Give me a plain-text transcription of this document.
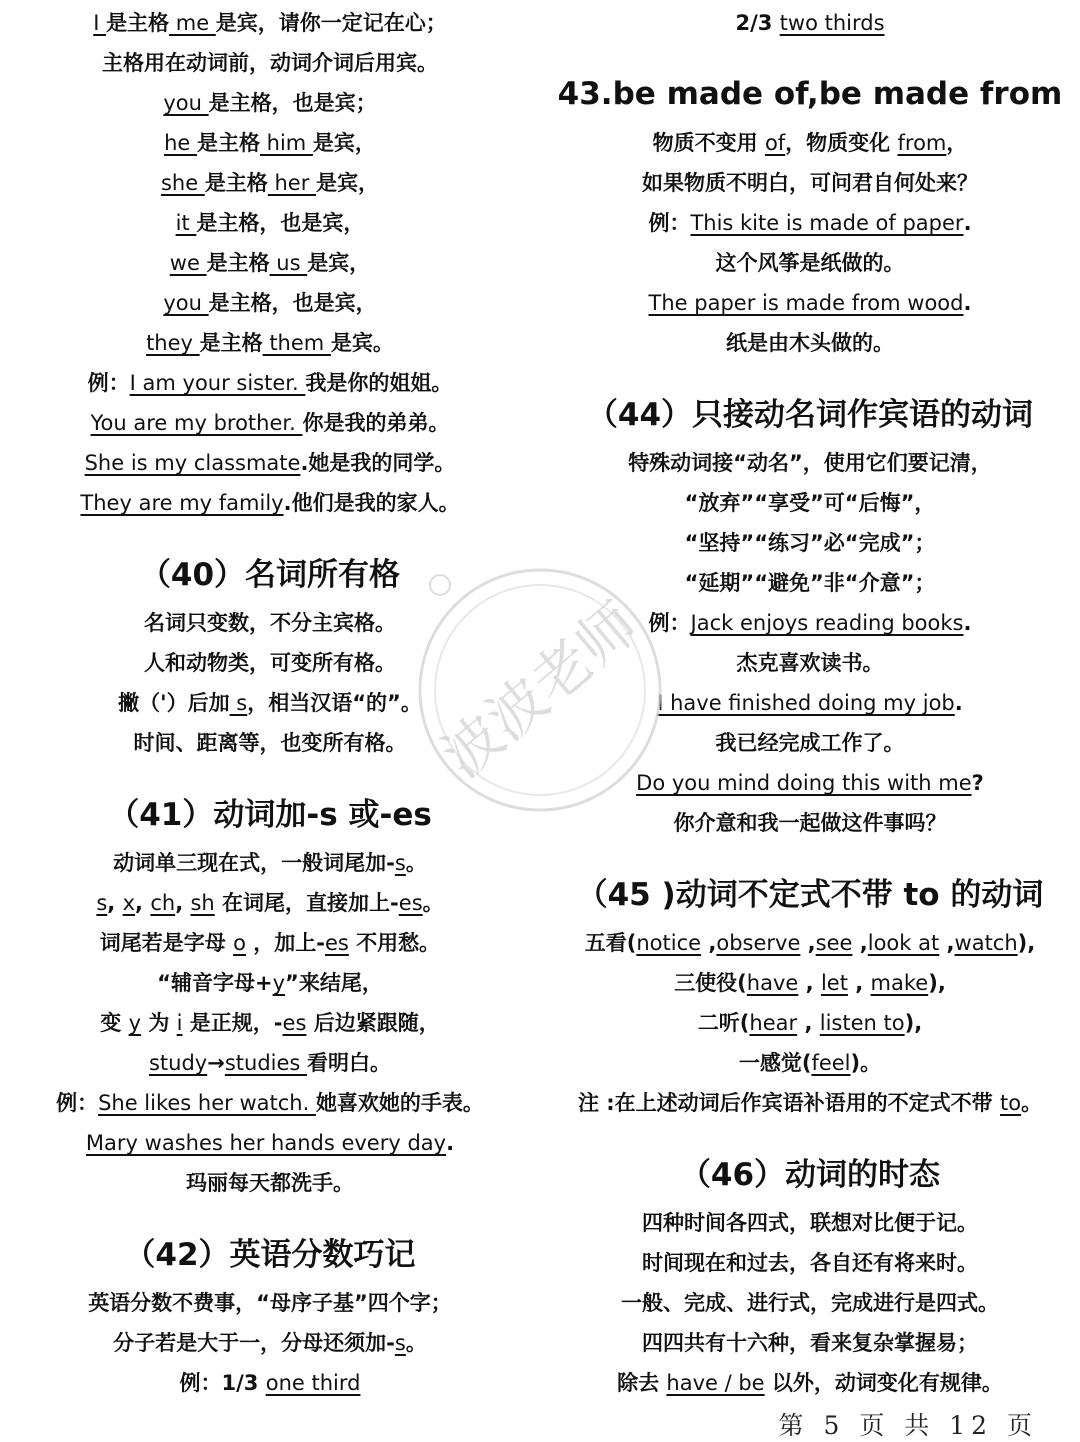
I 是主格 me 是宾，请你一定记在心；
主格用在动词前，动词介词后用宾。
you 是主格，也是宾；
he 是主格 him 是宾，
she 是主格 her 是宾，
it 是主格，也是宾，
we 是主格 us 是宾，
you 是主格，也是宾，
they 是主格 them 是宾。
例：I am your sister. 我是你的姐姐。
You are my brother. 你是我的弟弟。
She is my classmate.她是我的同学。
They are my family.他们是我的家人。
（40）名词所有格
名词只变数，不分主宾格。
人和动物类，可变所有格。
撇（'）后加 s，相当汉语“的”。
时间、距离等，也变所有格。
（41）动词加-s 或-es
动词单三现在式，一般词尾加-s。
s, x, ch, sh 在词尾，直接加上-es。
词尾若是字母 o ，加上-es 不用愁。
“辅音字母+y”来结尾，
变 y 为 i 是正规，-es 后边紧跟随，
study→studies 看明白。
例：She likes her watch. 她喜欢她的手表。
Mary washes her hands every day.
玛丽每天都洗手。
（42）英语分数巧记
英语分数不费事，“母序子基”四个字；
分子若是大于一，分母还须加-s。
例：1/3 one third
2/3 two thirds
43.be made of,be made from
物质不变用 of，物质变化 from，
如果物质不明白，可问君自何处来？
例：This kite is made of paper.
这个风筝是纸做的。
The paper is made from wood.
纸是由木头做的。
（44）只接动名词作宾语的动词
特殊动词接“动名”，使用它们要记清，
“放弃”“享受”可“后悔”，
“坚持”“练习”必“完成”；
“延期”“避免”非“介意”；
例：Jack enjoys reading books.
杰克喜欢读书。
I have finished doing my job.
我已经完成工作了。
Do you mind doing this with me?
你介意和我一起做这件事吗？
（45 )动词不定式不带 to 的动词
五看(notice ,observe ,see ,look at ,watch),
三使役(have , let , make),
二听(hear , listen to),
一感觉(feel)。
注 :在上述动词后作宾语补语用的不定式不带 to。
（46）动词的时态
四种时间各四式，联想对比便于记。
时间现在和过去，各自还有将来时。
一般、完成、进行式，完成进行是四式。
四四共有十六种，看来复杂掌握易；
除去 have / be 以外，动词变化有规律。
波波老师
第 5 页 共 12 页
